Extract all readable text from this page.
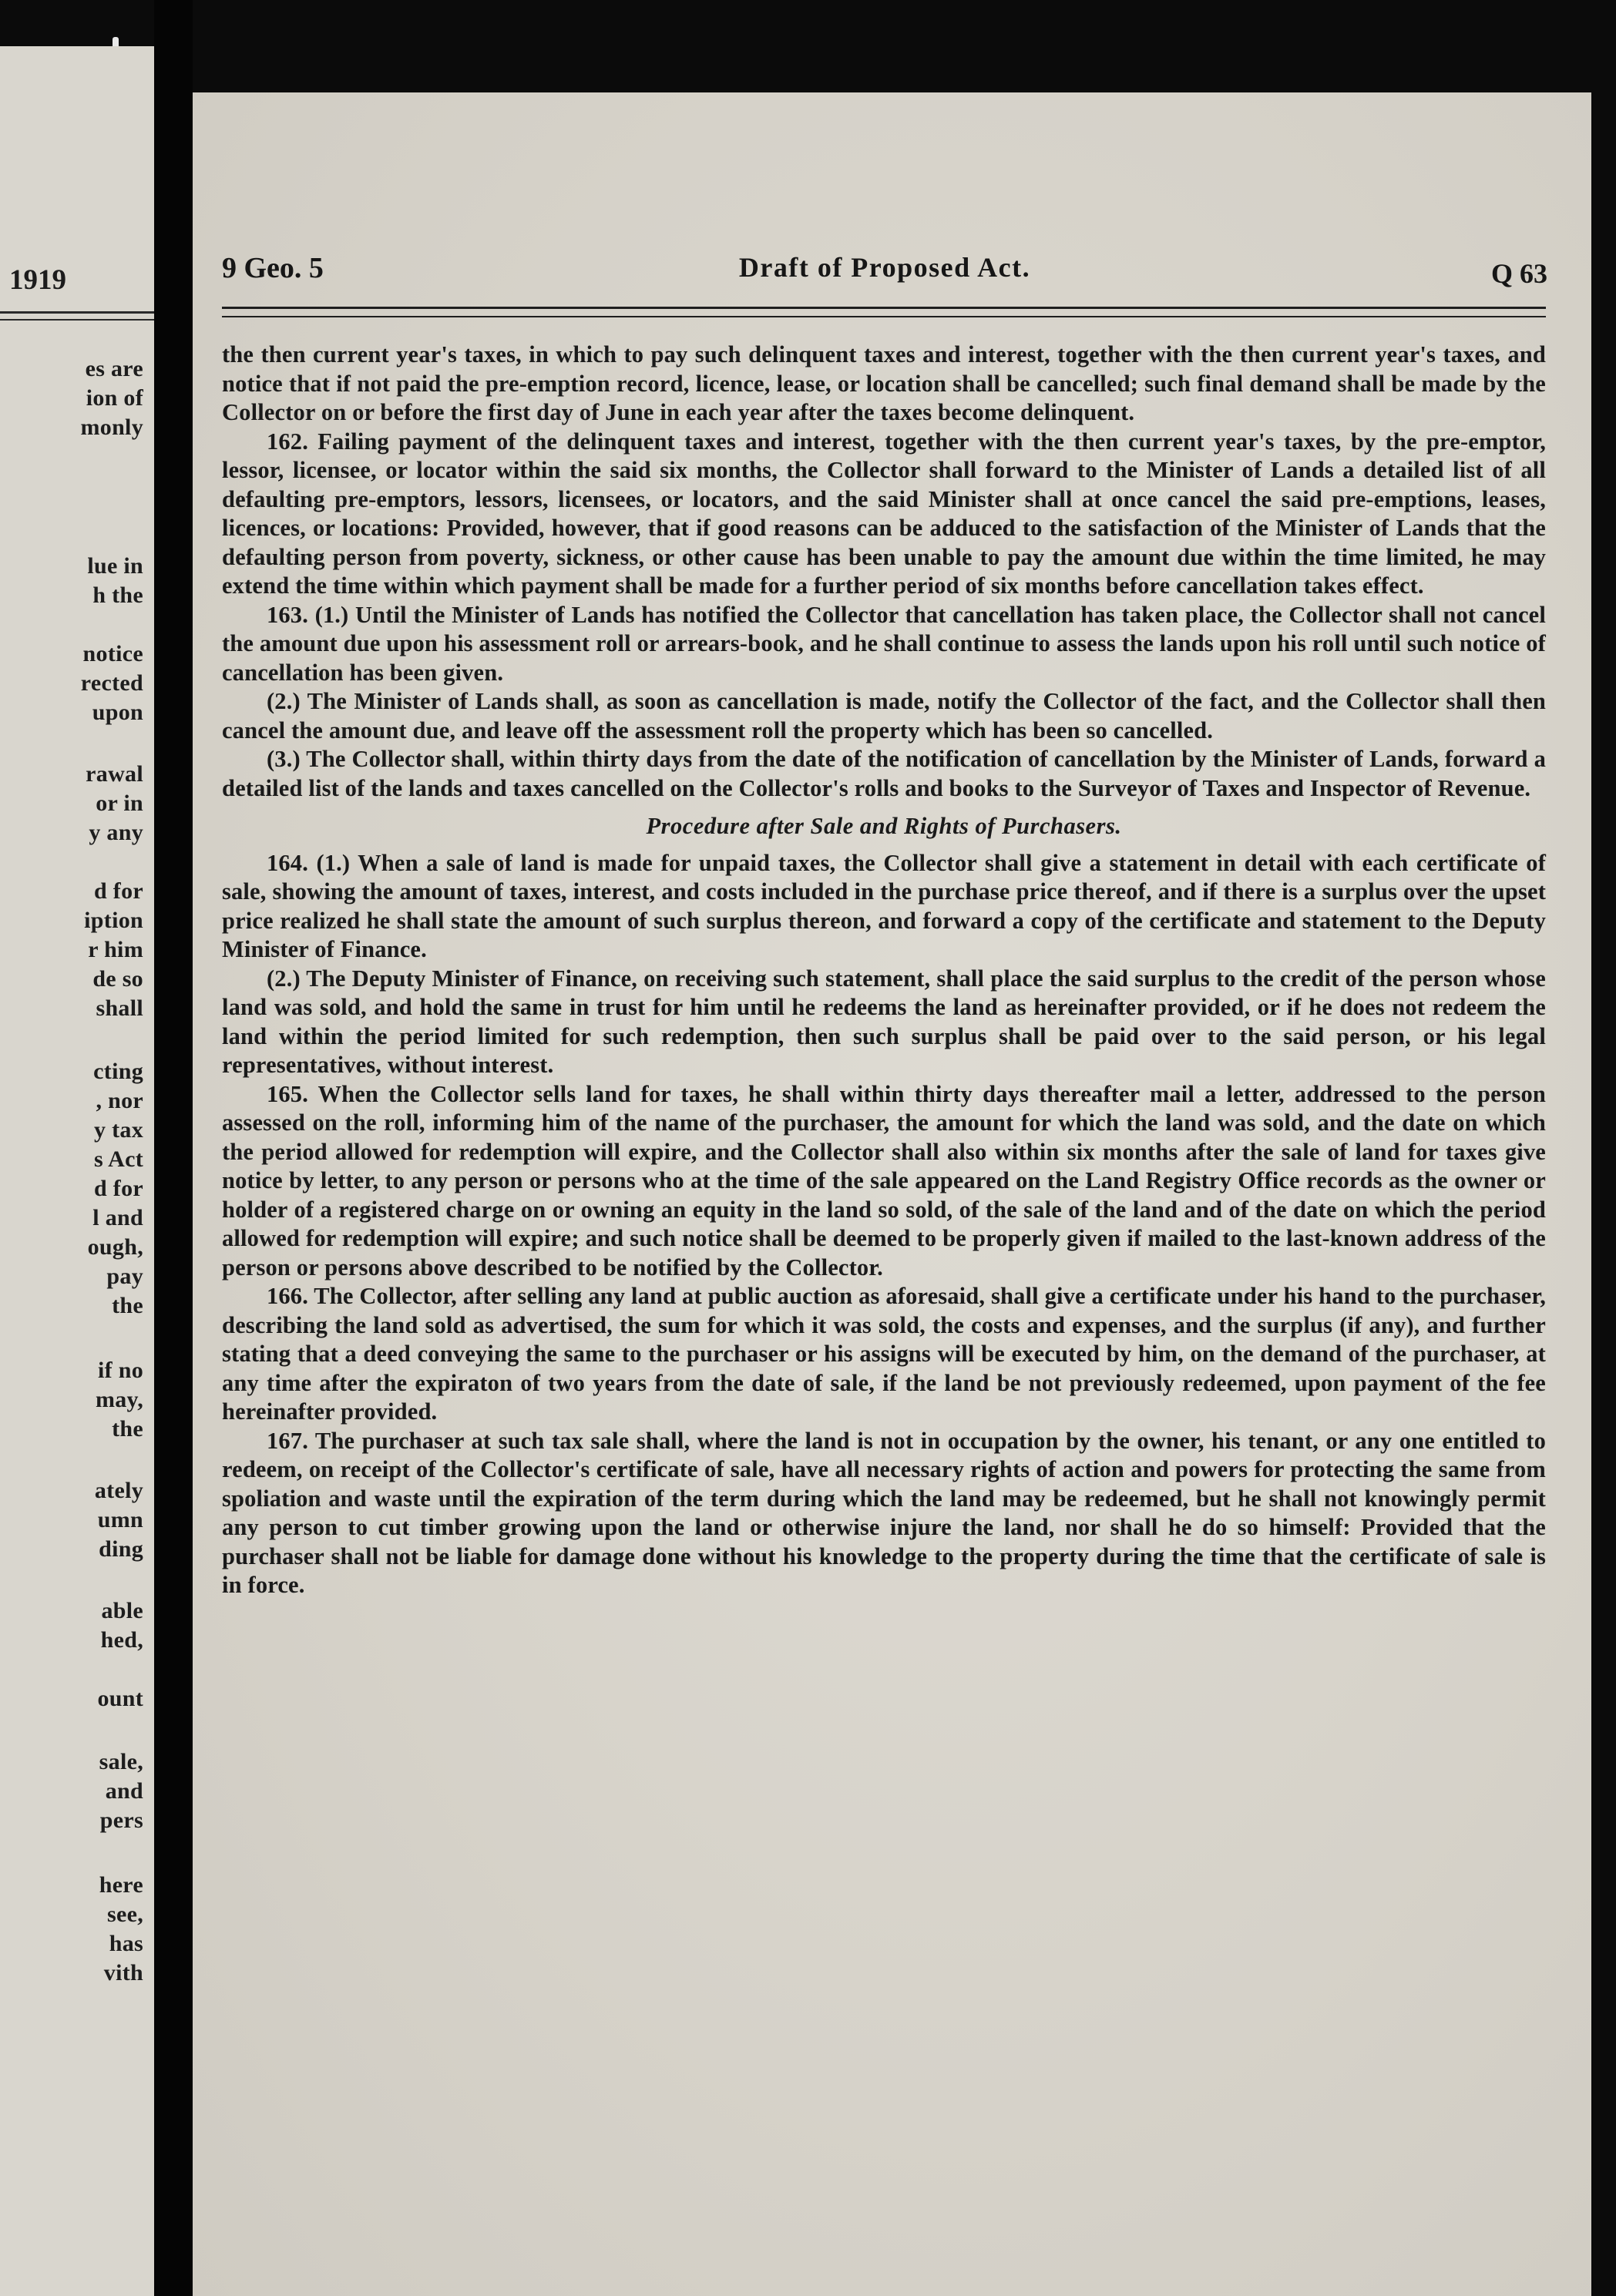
1919
es are
ion of
monly
lue in
h the
notice
rected
upon
rawal
or in
y any
d for
iption
r him
de so
shall
cting
, nor
y tax
s Act
d for
l and
ough,
pay
the
if no
may,
the
ately
umn
ding
able
hed,
ount
sale,
and
pers
here
see,
has
vith
9 Geo. 5	Draft of Proposed Act.	Q 63

the then current year's taxes, in which to pay such delinquent taxes and interest, together with the then current year's taxes, and notice that if not paid the pre-emption record, licence, lease, or location shall be cancelled; such final demand shall be made by the Collector on or before the first day of June in each year after the taxes become delinquent.

162. Failing payment of the delinquent taxes and interest, together with the then current year's taxes, by the pre-emptor, lessor, licensee, or locator within the said six months, the Collector shall forward to the Minister of Lands a detailed list of all defaulting pre-emptors, lessors, licensees, or locators, and the said Minister shall at once cancel the said pre-emptions, leases, licences, or locations: Provided, however, that if good reasons can be adduced to the satisfaction of the Minister of Lands that the defaulting person from poverty, sickness, or other cause has been unable to pay the amount due within the time limited, he may extend the time within which payment shall be made for a further period of six months before cancellation takes effect.

163. (1.) Until the Minister of Lands has notified the Collector that cancellation has taken place, the Collector shall not cancel the amount due upon his assessment roll or arrears-book, and he shall continue to assess the lands upon his roll until such notice of cancellation has been given.

(2.) The Minister of Lands shall, as soon as cancellation is made, notify the Collector of the fact, and the Collector shall then cancel the amount due, and leave off the assessment roll the property which has been so cancelled.

(3.) The Collector shall, within thirty days from the date of the notification of cancellation by the Minister of Lands, forward a detailed list of the lands and taxes cancelled on the Collector's rolls and books to the Surveyor of Taxes and Inspector of Revenue.

Procedure after Sale and Rights of Purchasers.

164. (1.) When a sale of land is made for unpaid taxes, the Collector shall give a statement in detail with each certificate of sale, showing the amount of taxes, interest, and costs included in the purchase price thereof, and if there is a surplus over the upset price realized he shall state the amount of such surplus thereon, and forward a copy of the certificate and statement to the Deputy Minister of Finance.

(2.) The Deputy Minister of Finance, on receiving such statement, shall place the said surplus to the credit of the person whose land was sold, and hold the same in trust for him until he redeems the land as hereinafter provided, or if he does not redeem the land within the period limited for such redemption, then such surplus shall be paid over to the said person, or his legal representatives, without interest.

165. When the Collector sells land for taxes, he shall within thirty days thereafter mail a letter, addressed to the person assessed on the roll, informing him of the name of the purchaser, the amount for which the land was sold, and the date on which the period allowed for redemption will expire, and the Collector shall also within six months after the sale of land for taxes give notice by letter, to any person or persons who at the time of the sale appeared on the Land Registry Office records as the owner or holder of a registered charge on or owning an equity in the land so sold, of the sale of the land and of the date on which the period allowed for redemption will expire; and such notice shall be deemed to be properly given if mailed to the last-known address of the person or persons above described to be notified by the Collector.

166. The Collector, after selling any land at public auction as aforesaid, shall give a certificate under his hand to the purchaser, describing the land sold as advertised, the sum for which it was sold, the costs and expenses, and the surplus (if any), and further stating that a deed conveying the same to the purchaser or his assigns will be executed by him, on the demand of the purchaser, at any time after the expiraton of two years from the date of sale, if the land be not previously redeemed, upon payment of the fee hereinafter provided.

167. The purchaser at such tax sale shall, where the land is not in occupation by the owner, his tenant, or any one entitled to redeem, on receipt of the Collector's certificate of sale, have all necessary rights of action and powers for protecting the same from spoliation and waste until the expiration of the term during which the land may be redeemed, but he shall not knowingly permit any person to cut timber growing upon the land or otherwise injure the land, nor shall he do so himself: Provided that the purchaser shall not be liable for damage done without his knowledge to the property during the time that the certificate of sale is in force.
